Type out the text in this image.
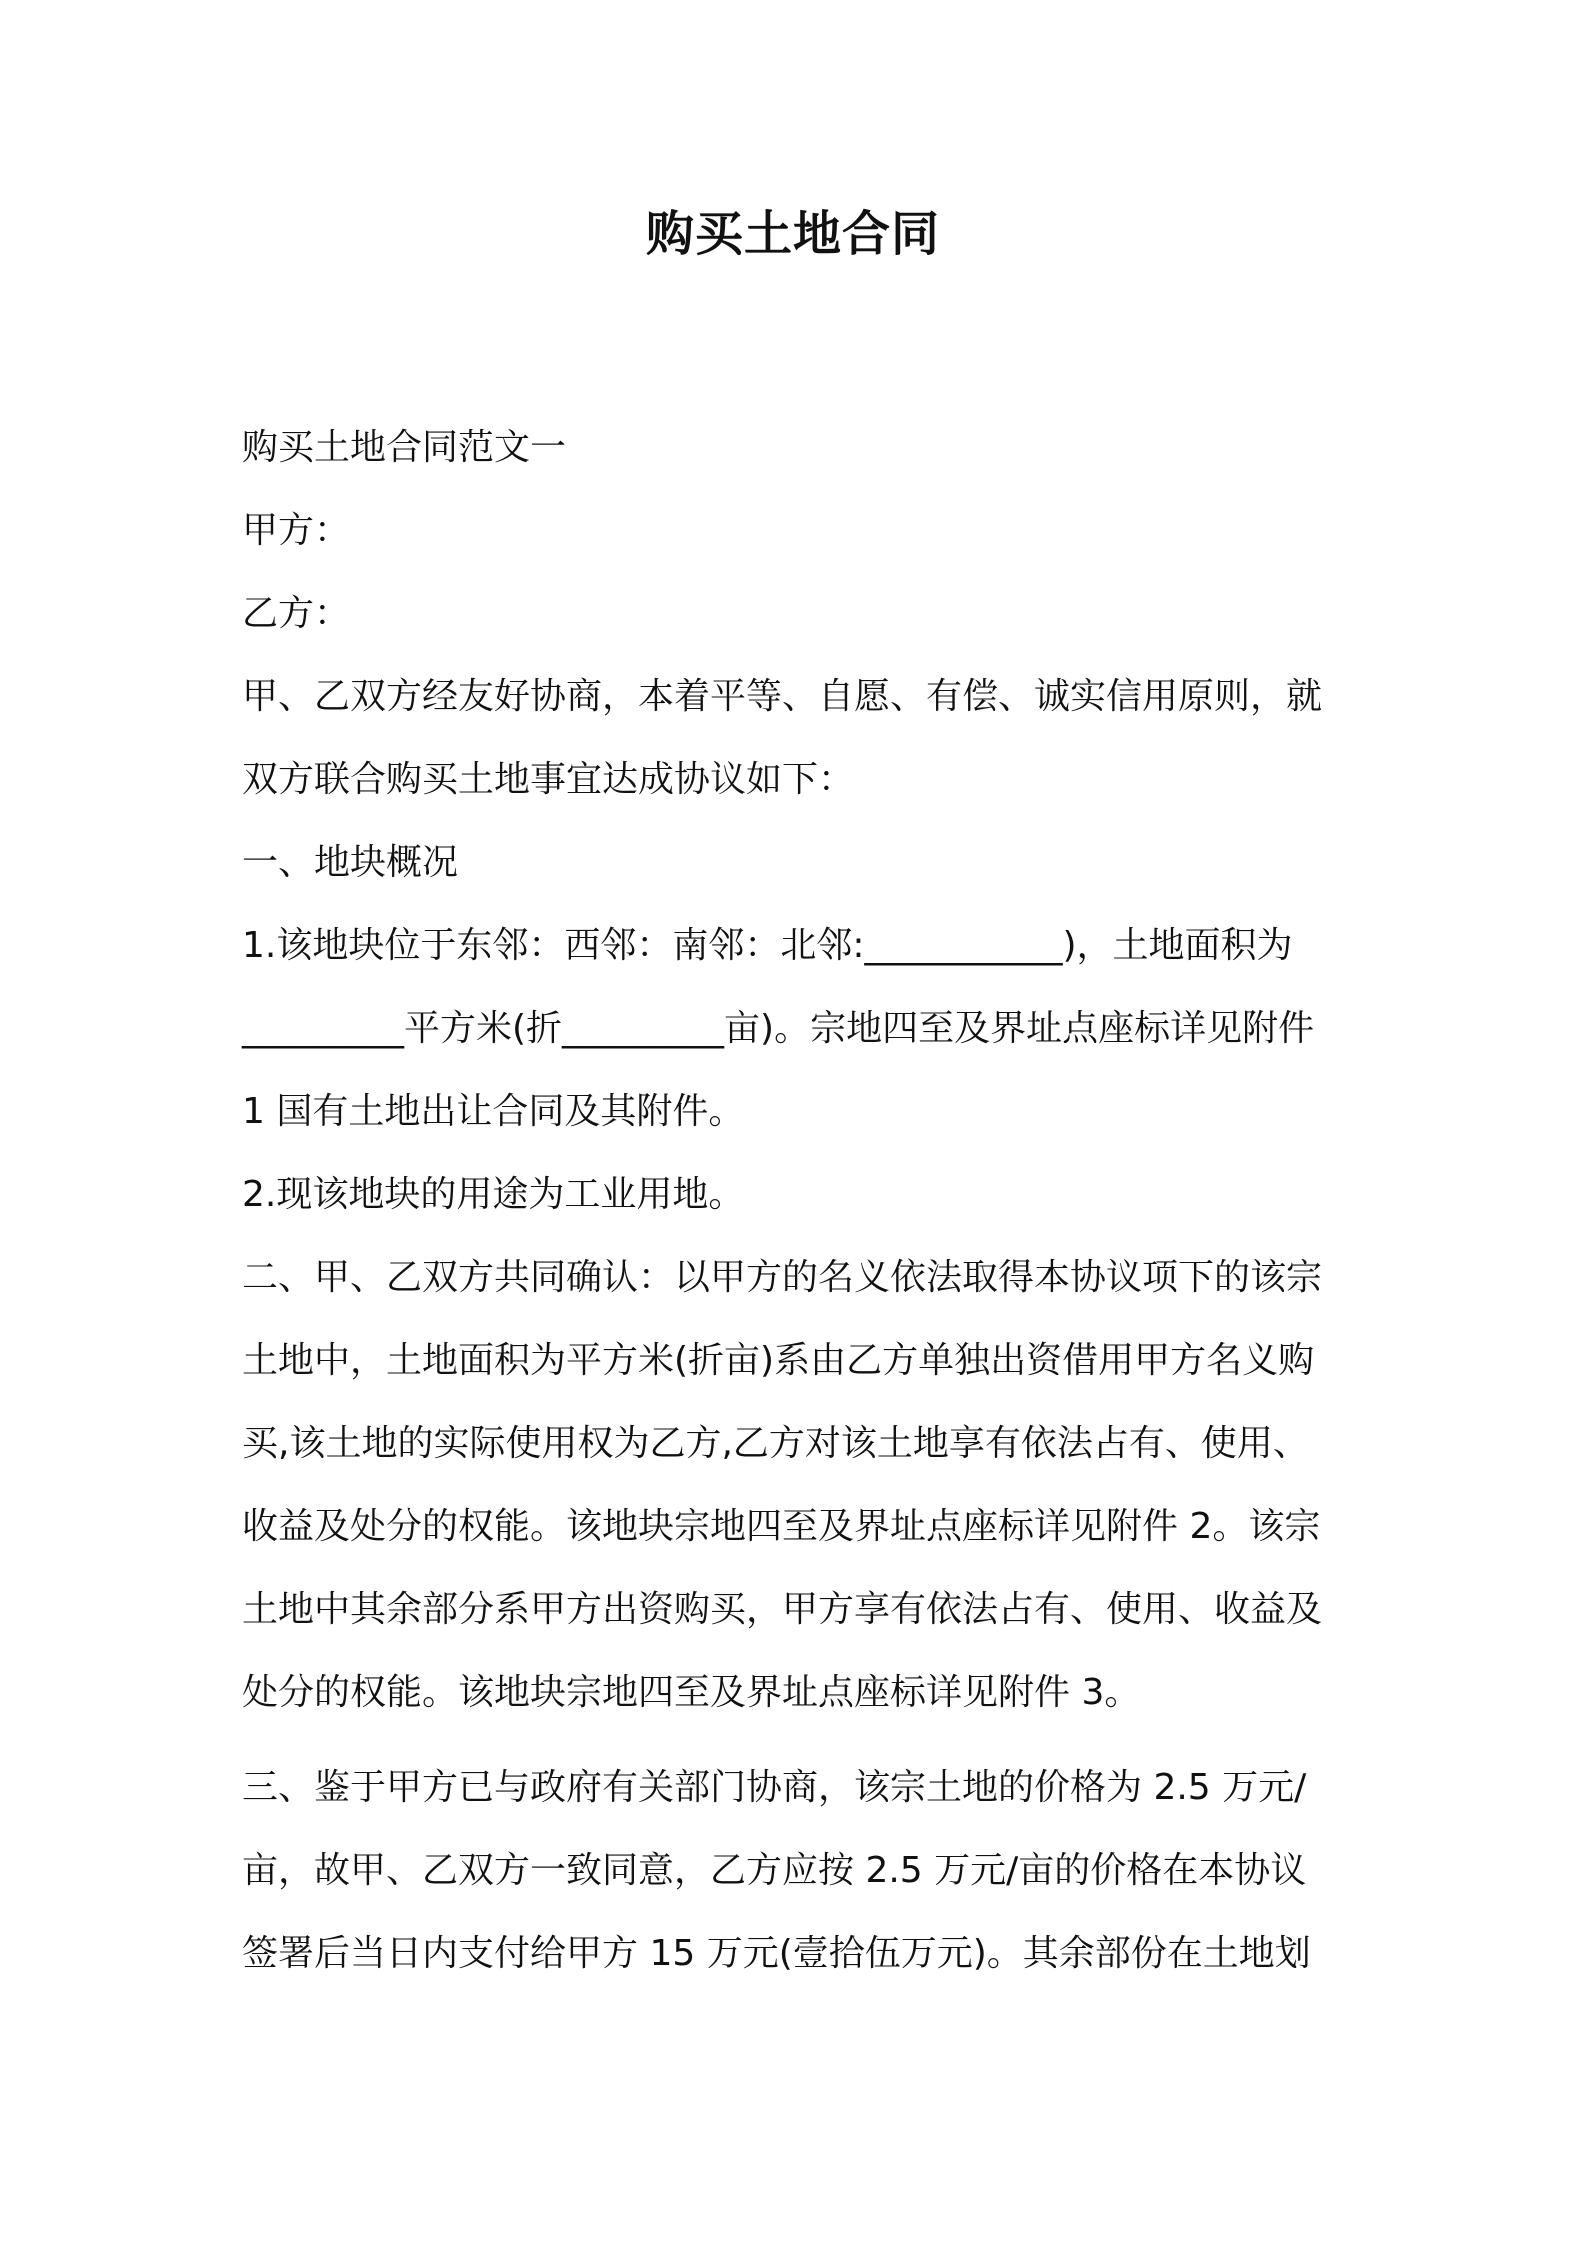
购买土地合同
购买土地合同范文一
甲方：
乙方：
甲、乙双方经友好协商，本着平等、自愿、有偿、诚实信用原则，就
双方联合购买土地事宜达成协议如下：
一、地块概况
1.该地块位于东邻：西邻：南邻：北邻:___________)，土地面积为
_________平方米(折_________亩)。宗地四至及界址点座标详见附件
1 国有土地出让合同及其附件。
2.现该地块的用途为工业用地。
二、甲、乙双方共同确认：以甲方的名义依法取得本协议项下的该宗
土地中，土地面积为平方米(折亩)系由乙方单独出资借用甲方名义购
买,该土地的实际使用权为乙方,乙方对该土地享有依法占有、使用、
收益及处分的权能。该地块宗地四至及界址点座标详见附件 2。该宗
土地中其余部分系甲方出资购买，甲方享有依法占有、使用、收益及
处分的权能。该地块宗地四至及界址点座标详见附件 3。
三、鉴于甲方已与政府有关部门协商，该宗土地的价格为 2.5 万元/
亩，故甲、乙双方一致同意，乙方应按 2.5 万元/亩的价格在本协议
签署后当日内支付给甲方 15 万元(壹拾伍万元)。其余部份在土地划
